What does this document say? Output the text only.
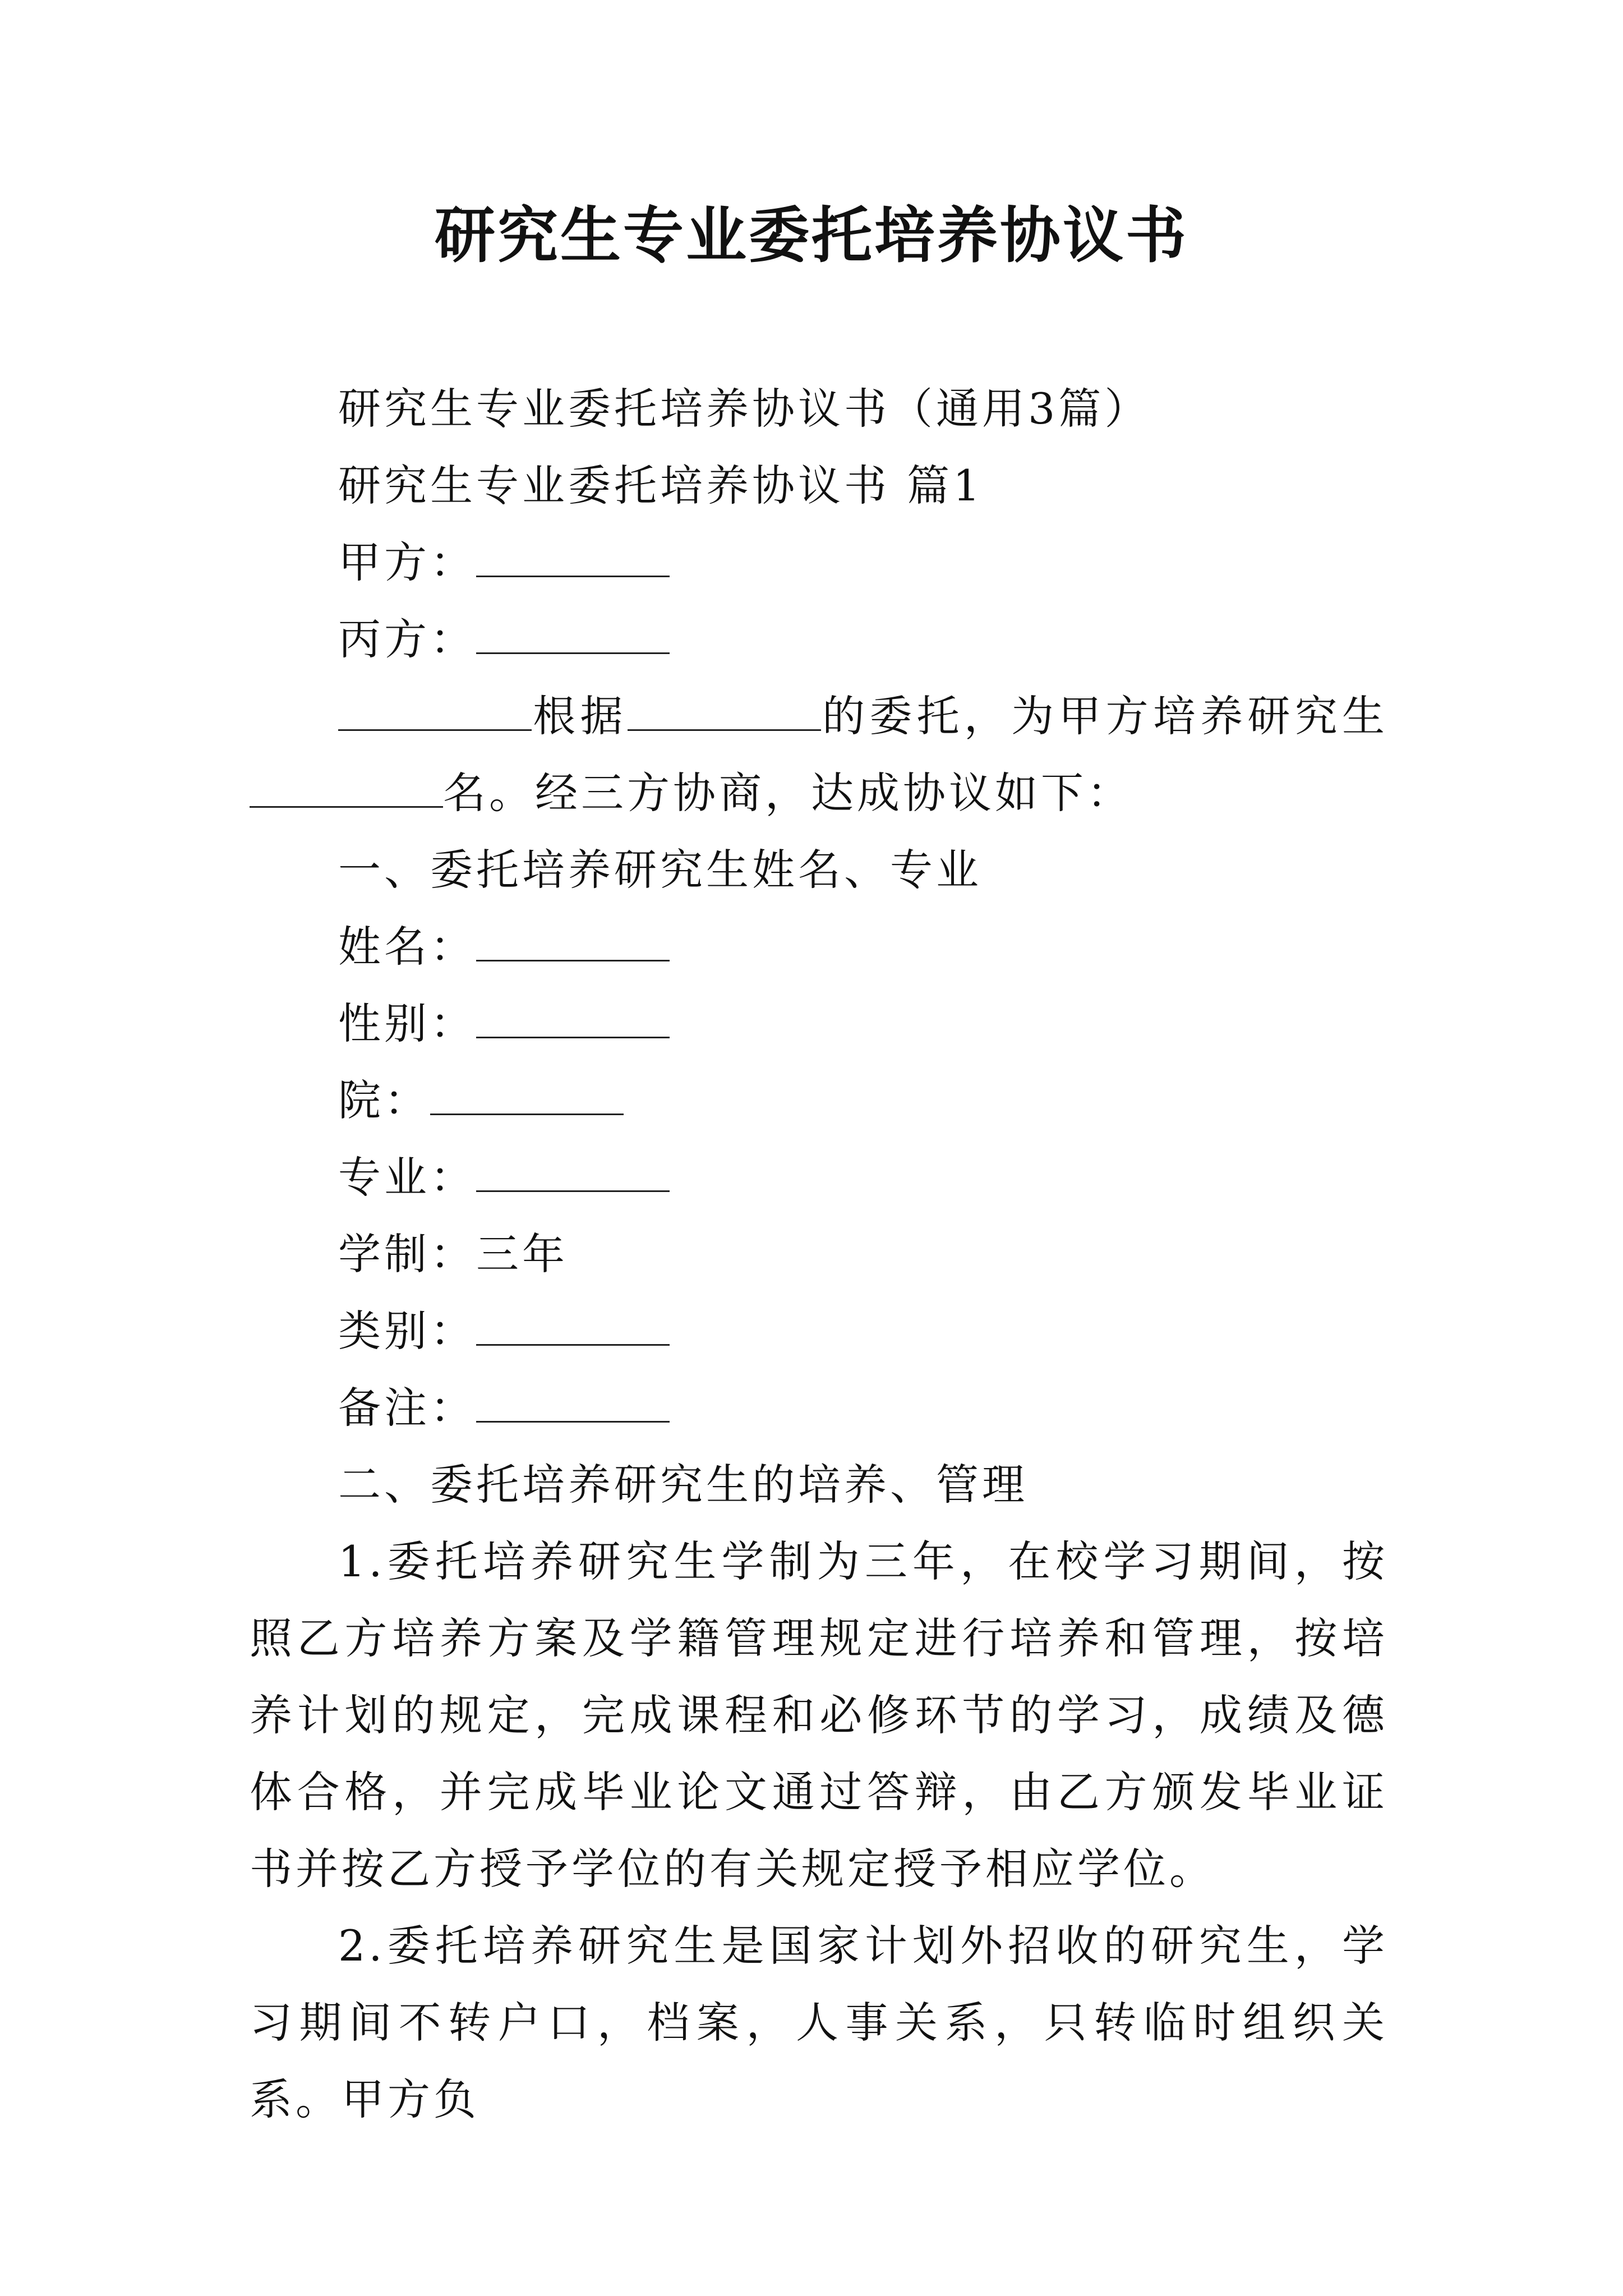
研究生专业委托培养协议书

研究生专业委托培养协议书（通用3篇）

研究生专业委托培养协议书 篇1

甲方：

丙方：

根据	的委托，为甲方培养研究生名。经三方协商，达成协议如下：

一、委托培养研究生姓名、专业

姓名：

性别：

院：

专业：

学制：三年

类别：

备注：

二、委托培养研究生的培养、管理

1.委托培养研究生学制为三年，在校学习期间，按照乙方培养方案及学籍管理规定进行培养和管理，按培养计划的规定，完成课程和必修环节的学习，成绩及德体合格，并完成毕业论文通过答辩，由乙方颁发毕业证书并按乙方授予学位的有关规定授予相应学位。

2.委托培养研究生是国家计划外招收的研究生，学习期间不转户口，档案，人事关系，只转临时组织关系。甲方负
